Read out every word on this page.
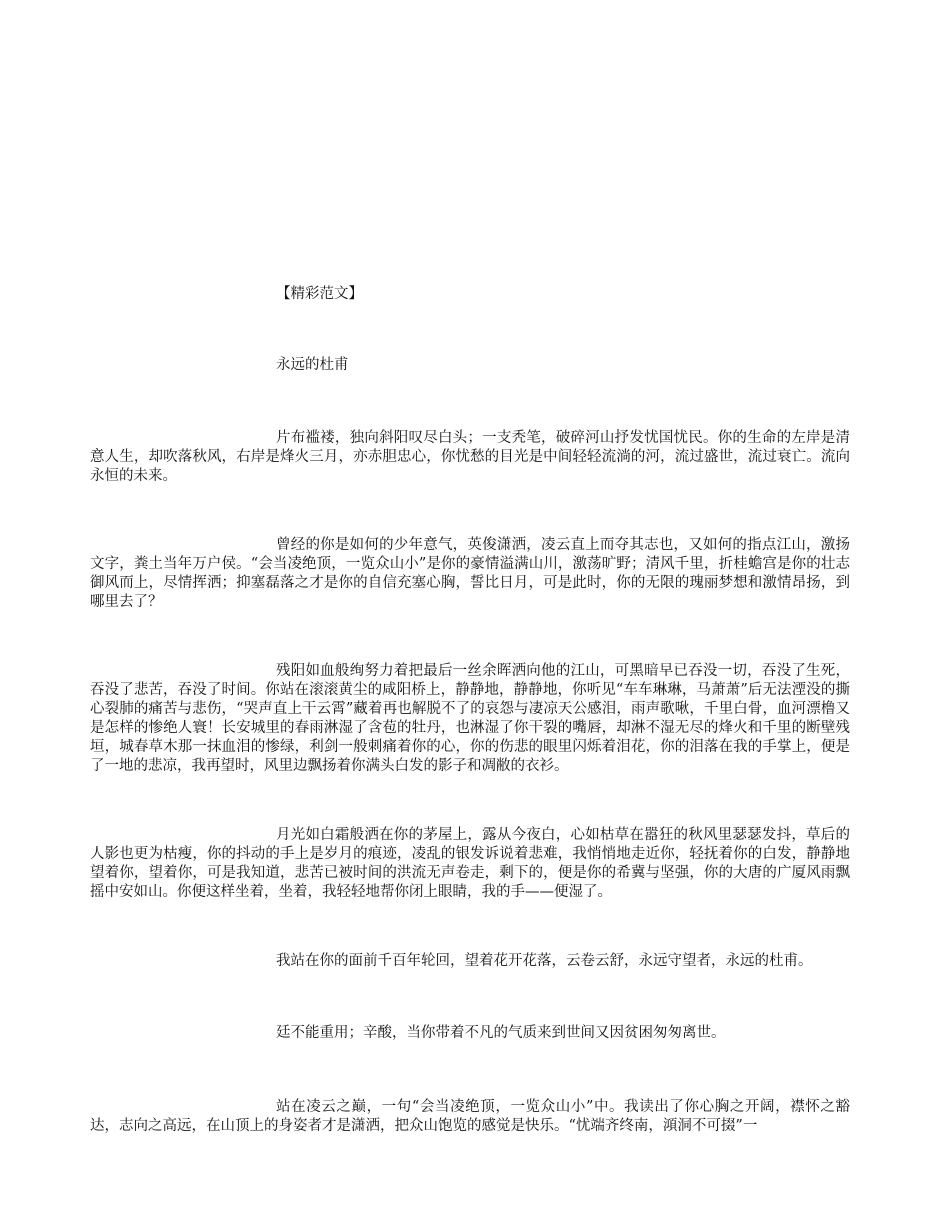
【精彩范文】
永远的杜甫
片布褴褛，独向斜阳叹尽白头；一支秃笔，破碎河山抒发忧国忧民。你的生命的左岸是清意人生，却吹落秋风，右岸是烽火三月，亦赤胆忠心，你忧愁的目光是中间轻轻流淌的河，流过盛世，流过衰亡。流向永恒的未来。
曾经的你是如何的少年意气，英俊潇洒，凌云直上而夺其志也，又如何的指点江山，激扬文字，粪土当年万户侯。“会当凌绝顶，一览众山小”是你的豪情溢满山川，激荡旷野；清风千里，折桂蟾宫是你的壮志御风而上，尽情挥洒；抑塞磊落之才是你的自信充塞心胸，誓比日月，可是此时，你的无限的瑰丽梦想和激情昂扬，到哪里去了？
残阳如血般绚努力着把最后一丝余晖洒向他的江山，可黑暗早已吞没一切，吞没了生死，吞没了悲苦，吞没了时间。你站在滚滚黄尘的咸阳桥上，静静地，静静地，你听见“车车琳琳，马萧萧”后无法湮没的撕心裂肺的痛苦与悲伤，“哭声直上干云霄”藏着再也解脱不了的哀怨与凄凉天公感泪，雨声歌啾，千里白骨，血河漂橹又是怎样的惨绝人寰！长安城里的春雨淋湿了含苞的牡丹，也淋湿了你干裂的嘴唇，却淋不湿无尽的烽火和千里的断壁残垣，城春草木那一抹血泪的惨绿，利剑一般刺痛着你的心，你的伤悲的眼里闪烁着泪花，你的泪落在我的手掌上，便是了一地的悲凉，我再望时，风里边飘扬着你满头白发的影子和凋敝的衣衫。
月光如白霜般洒在你的茅屋上，露从今夜白，心如枯草在嚣狂的秋风里瑟瑟发抖，草后的人影也更为枯瘦，你的抖动的手上是岁月的痕迹，凌乱的银发诉说着悲难，我悄悄地走近你，轻抚着你的白发，静静地望着你，望着你，可是我知道，悲苦已被时间的洪流无声卷走，剩下的，便是你的希冀与坚强，你的大唐的广厦风雨飘摇中安如山。你便这样坐着，坐着，我轻轻地帮你闭上眼睛，我的手——便湿了。
我站在你的面前千百年轮回，望着花开花落，云卷云舒，永远守望者，永远的杜甫。
廷不能重用；辛酸，当你带着不凡的气质来到世间又因贫困匆匆离世。
站在凌云之巅，一句“会当凌绝顶，一览众山小”中。我读出了你心胸之开阔，襟怀之豁达，志向之高远，在山顶上的身姿者才是潇洒，把众山饱览的感觉是快乐。“忧端齐终南，澒洞不可掇”一
